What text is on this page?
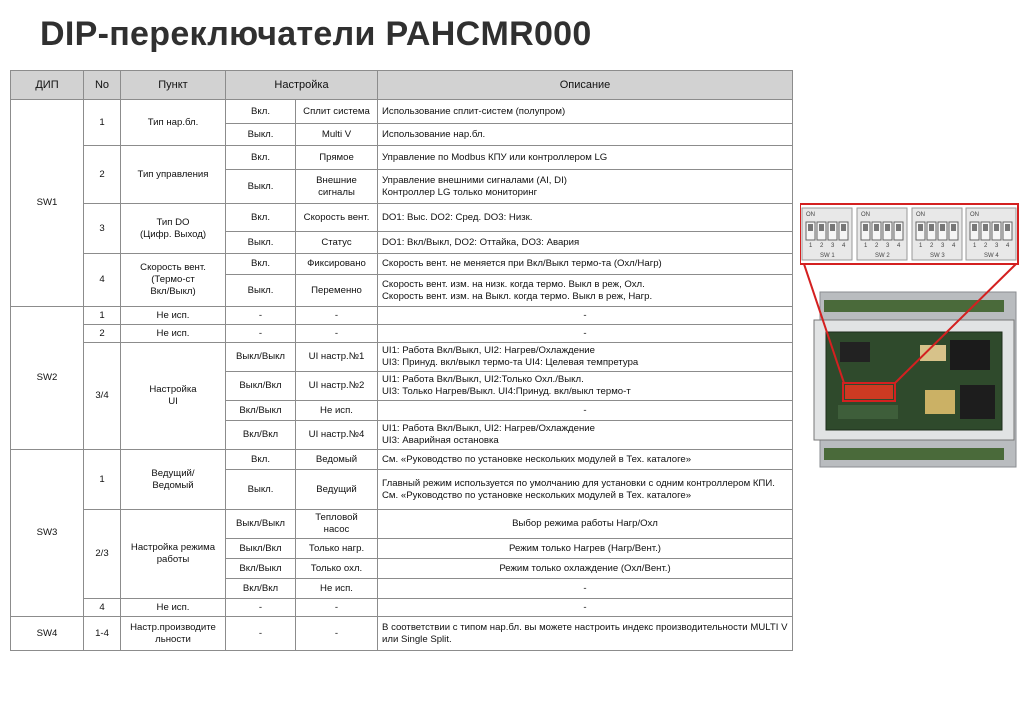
DIP-переключатели PAHCMR000
ДИП	No	Пункт	Настройка		Описание
SW1	1	Тип нар.бл.	Вкл.	Сплит система	Использование сплит-систем (полупром)
			Выкл.	Multi V	Использование нар.бл.
	2	Тип управления	Вкл.	Прямое	Управление по Modbus КПУ или контроллером LG
			Выкл.	Внешние сигналы	Управление внешними сигналами (AI, DI)
Контроллер LG только мониторинг
	3	Тип DO
(Цифр. Выход)	Вкл.	Скорость вент.	DO1: Выс. DO2: Сред. DO3: Низк.
			Выкл.	Статус	DO1: Вкл/Выкл, DO2: Оттайка, DO3: Авария
	4	Скорость вент.
(Термо-ст
Вкл/Выкл)	Вкл.	Фиксировано	Скорость вент. не меняется при Вкл/Выкл термо-та (Охл/Нагр)
			Выкл.	Переменно	Скорость вент. изм. на низк. когда термо. Выкл в реж, Охл.
Скорость вент. изм. на Выкл. когда термо. Выкл в реж, Нагр.
SW2	1	Не исп.	-	-	-
	2	Не исп.	-	-	-
	3/4	Настройка
UI	Выкл/Выкл	UI настр.№1	UI1: Работа Вкл/Выкл, UI2: Нагрев/Охлаждение
UI3: Принуд. вкл/выкл термо-та UI4: Целевая темпретура
			Выкл/Вкл	UI настр.№2	UI1: Работа Вкл/Выкл, UI2:Только Охл./Выкл.
UI3: Только Нагрев/Выкл. UI4:Принуд. вкл/выкл термо-т
			Вкл/Выкл	Не исп.	-
			Вкл/Вкл	UI настр.№4	UI1: Работа Вкл/Выкл, UI2: Нагрев/Охлаждение
UI3: Аварийная остановка
SW3	1	Ведущий/
Ведомый	Вкл.	Ведомый	См. «Руководство по установке нескольких модулей в Тех. каталоге»
			Выкл.	Ведущий	Главный режим используется по умолчанию для установки с одним контроллером КПИ. См. «Руководство по установке нескольких модулей в Тех. каталоге»
	2/3	Настройка режима
работы	Выкл/Выкл	Тепловой
насос	Выбор режима работы Нагр/Охл
			Выкл/Вкл	Только нагр.	Режим только Нагрев (Нагр/Вент.)
			Вкл/Выкл	Только охл.	Режим только охлаждение (Охл/Вент.)
			Вкл/Вкл	Не исп.	-
	4	Не исп.	-	-	-
SW4	1-4	Настр.производите
льности	-	-	В соответствии с типом нар.бл. вы можете настроить индекс производительности MULTI V или Single Split.
ON
1 2 3 4
SW 1
ON
1 2 3 4
SW 2
ON
1 2 3 4
SW 3
ON
1 2 3 4
SW 4
